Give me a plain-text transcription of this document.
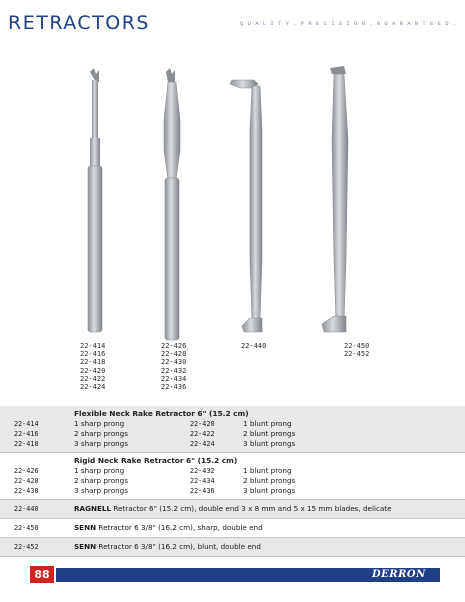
RETRACTORS	QUALITY.PRECISION.GUARANTEED.
22-414
22-416
22-418
22-420
22-422
22-424
22-426
22-428
22-430
22-432
22-434
22-436
22-440	22-450
22-452
Flexible Neck Rake Retractor 6" (15.2 cm)
22-414	1 sharp prong	22-420	1 blunt prong
22-416	2 sharp prongs	22-422	2 blunt prongs
22-418	3 sharp prongs	22-424	3 blunt prongs
Rigid Neck Rake Retractor 6" (15.2 cm)
22-426	1 sharp prong	22-432	1 blunt prong
22-428	2 sharp prongs	22-434	2 blunt prongs
22-430	3 sharp prongs	22-436	3 blunt prongs
22-440	RAGNELL Retractor 6" (15.2 cm), double end 3 x 8 mm and 5 x 15 mm blades, delicate
22-450	SENN Retractor 6 3/8" (16.2 cm), sharp, double end
22-452	SENN Retractor 6 3/8" (16.2 cm), blunt, double end
88	DERRON
